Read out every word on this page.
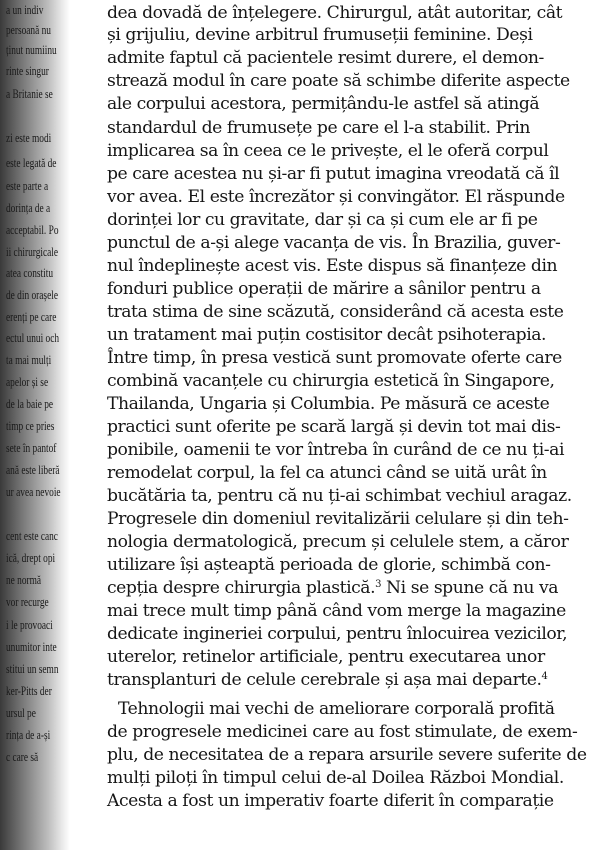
a un indiv
persoană nu
ținut numiinu
rinte singur
a Britanie se
zi este modi
este legată de
este parte a
dorința de a
acceptabil. Po
ii chirurgicale
atea constitu
de din orașele
erenți pe care
ectul unui och
ta mai mulți
apelor și se
de la baie pe
timp ce pries
sete în pantof
ană este liberă
ur avea nevoie
cent este canc
ică, drept opi
ne normă
vor recurge
i le provoaci
unumitor inte
stitui un semn
ker-Pitts der
ursul pe
rința de a-și
c care să
dea dovadă de înțelegere. Chirurgul, atât autoritar, cât
și grijuliu, devine arbitrul frumuseții feminine. Deși
admite faptul că pacientele resimt durere, el demon-
strează modul în care poate să schimbe diferite aspecte
ale corpului acestora, permițându-le astfel să atingă
standardul de frumusețe pe care el l-a stabilit. Prin
implicarea sa în ceea ce le privește, el le oferă corpul
pe care acestea nu și-ar fi putut imagina vreodată că îl
vor avea. El este încrezător și convingător. El răspunde
dorinței lor cu gravitate, dar și ca și cum ele ar fi pe
punctul de a-și alege vacanța de vis. În Brazilia, guver-
nul îndeplinește acest vis. Este dispus să finanțeze din
fonduri publice operații de mărire a sânilor pentru a
trata stima de sine scăzută, considerând că acesta este
un tratament mai puțin costisitor decât psihoterapia.
Între timp, în presa vestică sunt promovate oferte care
combină vacanțele cu chirurgia estetică în Singapore,
Thailanda, Ungaria și Columbia. Pe măsură ce aceste
practici sunt oferite pe scară largă și devin tot mai dis-
ponibile, oamenii te vor întreba în curând de ce nu ți-ai
remodelat corpul, la fel ca atunci când se uită urât în
bucătăria ta, pentru că nu ți-ai schimbat vechiul aragaz.
Progresele din domeniul revitalizării celulare și din teh-
nologia dermatologică, precum și celulele stem, a căror
utilizare își așteaptă perioada de glorie, schimbă con-
cepția despre chirurgia plastică.$^3$ Ni se spune că nu va
mai trece mult timp până când vom merge la magazine
dedicate ingineriei corpului, pentru înlocuirea vezicilor,
uterelor, retinelor artificiale, pentru executarea unor
transplanturi de celule cerebrale și așa mai departe.$^4$
Tehnologii mai vechi de ameliorare corporală profită
de progresele medicinei care au fost stimulate, de exem-
plu, de necesitatea de a repara arsurile severe suferite de
mulți piloți în timpul celui de-al Doilea Război Mondial.
Acesta a fost un imperativ foarte diferit în comparație
